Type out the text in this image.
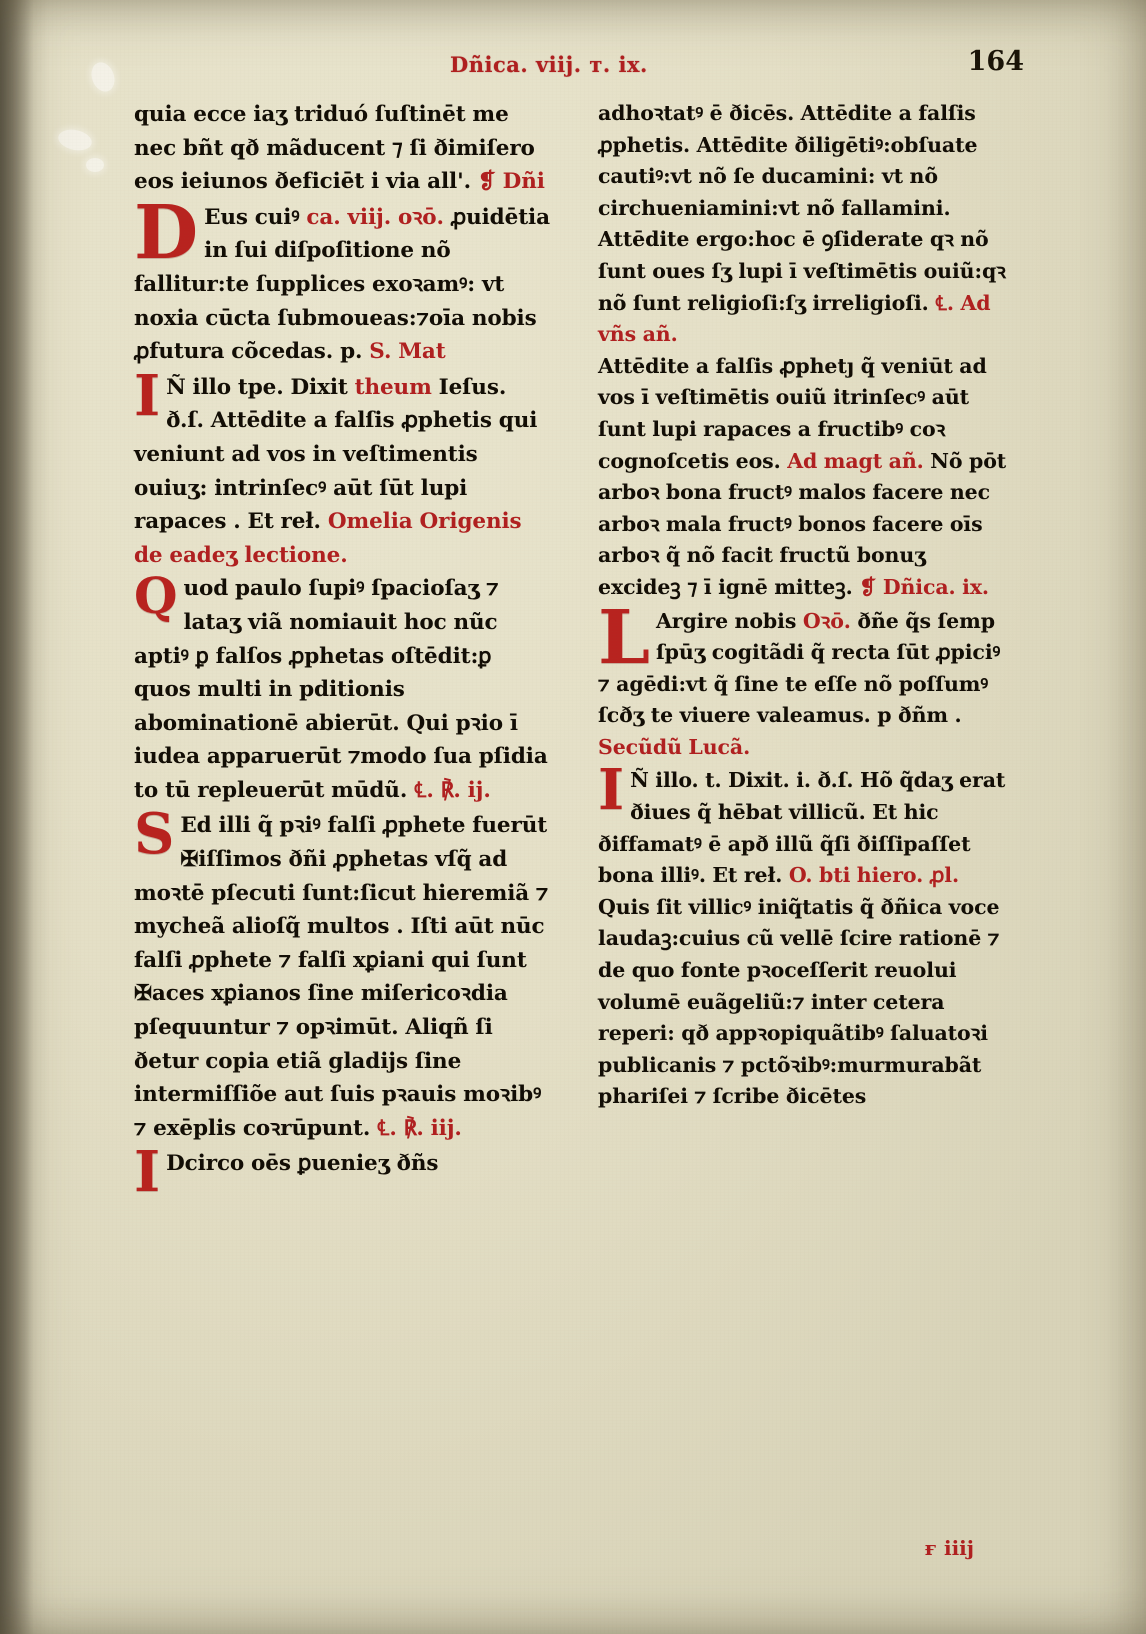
Dñica. vііј. т. іх.	164

quia ecce iaʒ triduó ſuſtinēt me nec bñt qð mãducent ⁊ ſi ðimiſero eos ieiunos ðeficiēt i via all'. ❡ Dñi

D Eus cuiꝰ ca. vііј. oꝛō. ꝓuidētia in ſui diſpoſitione nõ fallitur:te ſupplices exoꝛamꝰ: vt noxia cūcta ſubmoueas:⁊oīa nobis ꝓfutura cõcedas. p. S. Mat

I Ñ illo tpe. Dixit theum Ieſus. ð.ſ. Attēdite a falſis ꝓphetis qui veniunt ad vos in veſtimentis ouiuʒ: intrinſecꝰ aūt ſūt lupi rapaces . Et reł. Omelia Origenis de eadeʒ lectione.

Q uod paulo ſupiꝰ ſpacioſaʒ ⁊ lataʒ viã nomiauit hoc nũc aptiꝰ ꝑ falſos ꝓphetas oſtēdit:ꝑ quos multi in pditionis abominationē abierūt. Qui pꝛio ī iudea apparuerūt ⁊modo ſua pſidia to tū repleuerūt mūdũ. ℄. ℟. іј.

S Ed illi q̃ pꝛiꝰ falſi ꝓphete fuerūt ✠iſſimos ðñi ꝓphetas vſq̃ ad moꝛtē pſecuti ſunt:ſicut hieremiã ⁊ mycheã alioſq̃ multos . Iſti aūt nūc falſi ꝓphete ⁊ falſi xꝑiani qui ſunt ✠aces xꝑianos ſine miſericoꝛdia pſequuntur ⁊ opꝛimūt. Aliqñ ſi ðetur copia etiã gladijs ſine intermiſſiõe aut ſuis pꝛauis moꝛibꝰ ⁊ exēplis coꝛrūpunt. ℄. ℟. ііј.

I Dcirco oēs ꝑuenieʒ ðñs

adhoꝛtatꝰ ē ðicēs. Attēdite a falſis ꝓphetis. Attēdite ðiligētiꝰ:obſuate cautiꝰ:vt nõ ſe ducamini: vt nõ circhueniamini:vt nõ fallamini. Attēdite ergo:hoc ē ꝯſiderate qꝛ nõ ſunt oues ſʒ lupi ī veſtimētis ouiũ:qꝛ nõ ſunt religioſi:ſʒ irreligioſi. ℄. Ad vñs añ.

Attēdite a falſis ꝓphetȷ q̃ veniūt ad vos ī veſtimētis ouiũ itrinſecꝰ aūt ſunt lupi rapaces a fructibꝰ coꝛ cognoſcetis eos. Ad magt añ. Nõ pōt arboꝛ bona fructꝰ malos facere nec arboꝛ mala fructꝰ bonos facere oīs arboꝛ q̃ nõ facit fructũ bonuʒ excideꝫ ⁊ ī ignē mitteꝫ. ❡ Dñica. іх.

L Argire nobis Oꝛō. ðñe q̃s ſemp ſpūʒ cogitãdi q̃ recta ſūt ꝓpiciꝰ ⁊ agēdi:vt q̃ ſine te eſſe nõ poſſumꝰ ſcðʒ te viuere valeamus. p ðñm . Secũdũ Lucã.

I Ñ illo. t. Dixit. i. ð.ſ. Hõ q̃daʒ erat ðiues q̃ hēbat villicũ. Et hic ðiffamatꝰ ē apð illũ q̃ſi ðiſſipaſſet bona illiꝰ. Et reł. O. bti hiero. ꝓl. Quis ſit villicꝰ iniq̃tatis q̃ ðñica voce laudaꝫ:cuius cũ vellē ſcire rationē ⁊ de quo fonte pꝛoceſſerit reuolui volumē euãgeliũ:⁊ inter cetera reperi: qð appꝛopiquãtibꝰ ſaluatoꝛi publicanis ⁊ pctõꝛibꝰ:murmurabãt phariſei ⁊ ſcribe ðicētes

ғ іііј
